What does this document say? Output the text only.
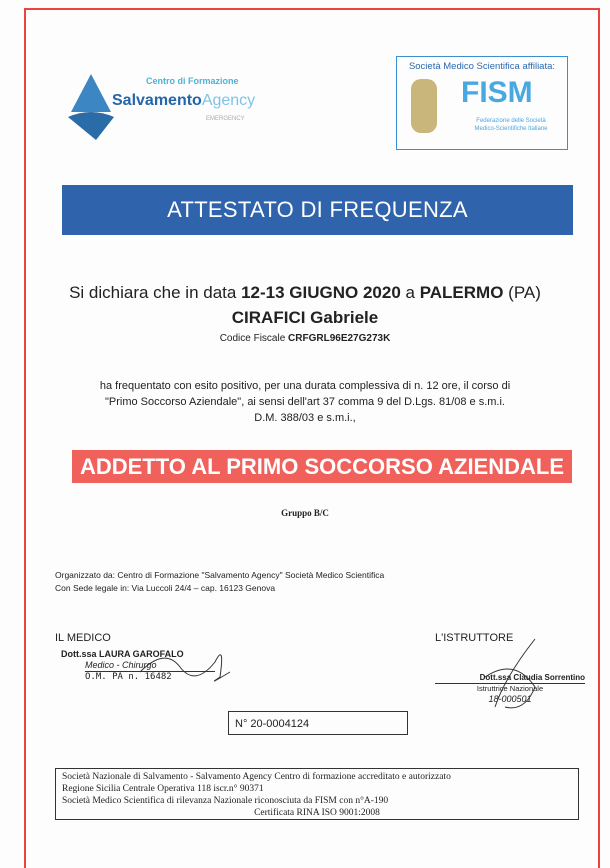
Centro di Formazione
SalvamentoAgency
EMERGENCY
Società Medico Scientifica affiliata:
FISM
Federazione delle Società
Medico-Scientifiche Italiane
ATTESTATO DI FREQUENZA
Si dichiara che in data 12-13 GIUGNO 2020 a PALERMO (PA)
CIRAFICI Gabriele
Codice Fiscale CRFGRL96E27G273K
ha frequentato con esito positivo, per una durata complessiva di n. 12 ore, il corso di
"Primo Soccorso Aziendale", ai sensi dell'art 37 comma 9 del D.Lgs. 81/08 e s.m.i.
D.M. 388/03 e s.m.i.,
ADDETTO AL PRIMO SOCCORSO AZIENDALE
Gruppo B/C
Organizzato da: Centro di Formazione "Salvamento Agency" Società Medico Scientifica
Con Sede legale in: Via Luccoli 24/4 – cap. 16123 Genova
IL MEDICO
Dott.ssa LAURA GAROFALO
Medico - Chirurgo
O.M. PA n. 16482
L'ISTRUTTORE
Dott.ssa Claudia Sorrentino
Istruttrice Nazionale
18-000501
N° 20-0004124
Società Nazionale di Salvamento - Salvamento Agency Centro di formazione accreditato e autorizzato
Regione Sicilia Centrale Operativa 118 iscr.n° 90371
Società Medico Scientifica di rilevanza Nazionale riconosciuta da FISM con n°A-190
Certificata RINA ISO 9001:2008
